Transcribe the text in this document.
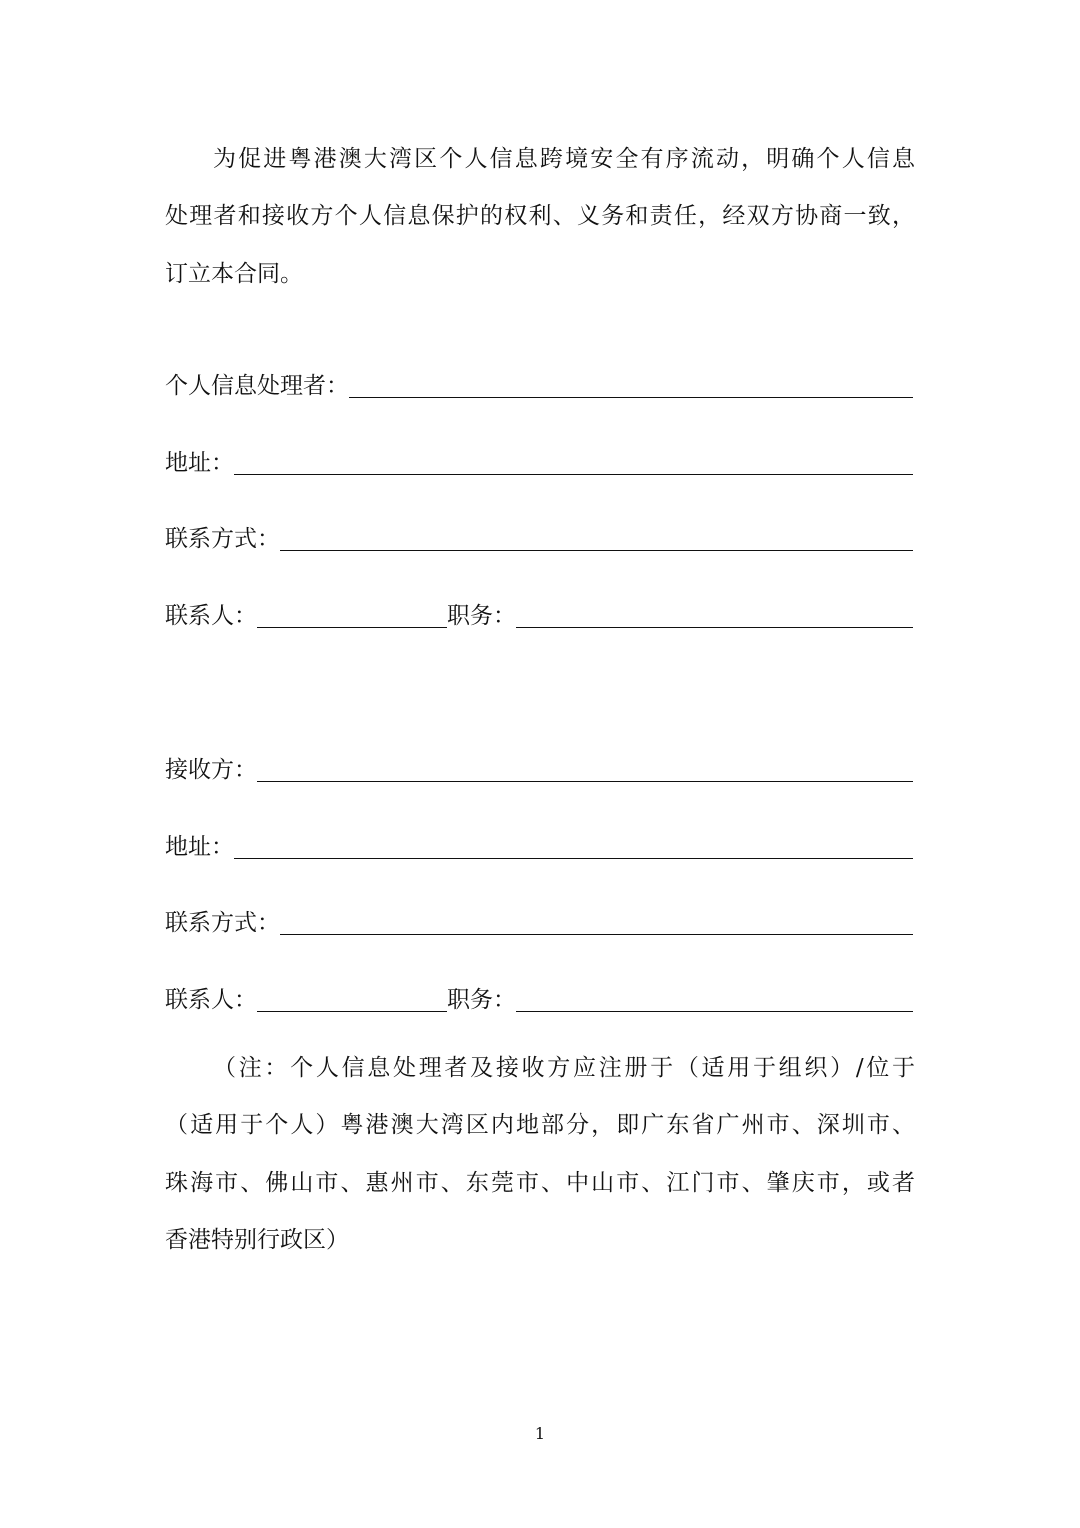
为促进粤港澳大湾区个人信息跨境安全有序流动，明确个人信息
处理者和接收方个人信息保护的权利、义务和责任，经双方协商一致，
订立本合同。
个人信息处理者：
地址：
联系方式：
联系人：	职务：
接收方：
地址：
联系方式：
联系人：	职务：
（注：个人信息处理者及接收方应注册于（适用于组织）/位于
（适用于个人）粤港澳大湾区内地部分，即广东省广州市、深圳市、
珠海市、佛山市、惠州市、东莞市、中山市、江门市、肇庆市，或者
香港特别行政区）
1
